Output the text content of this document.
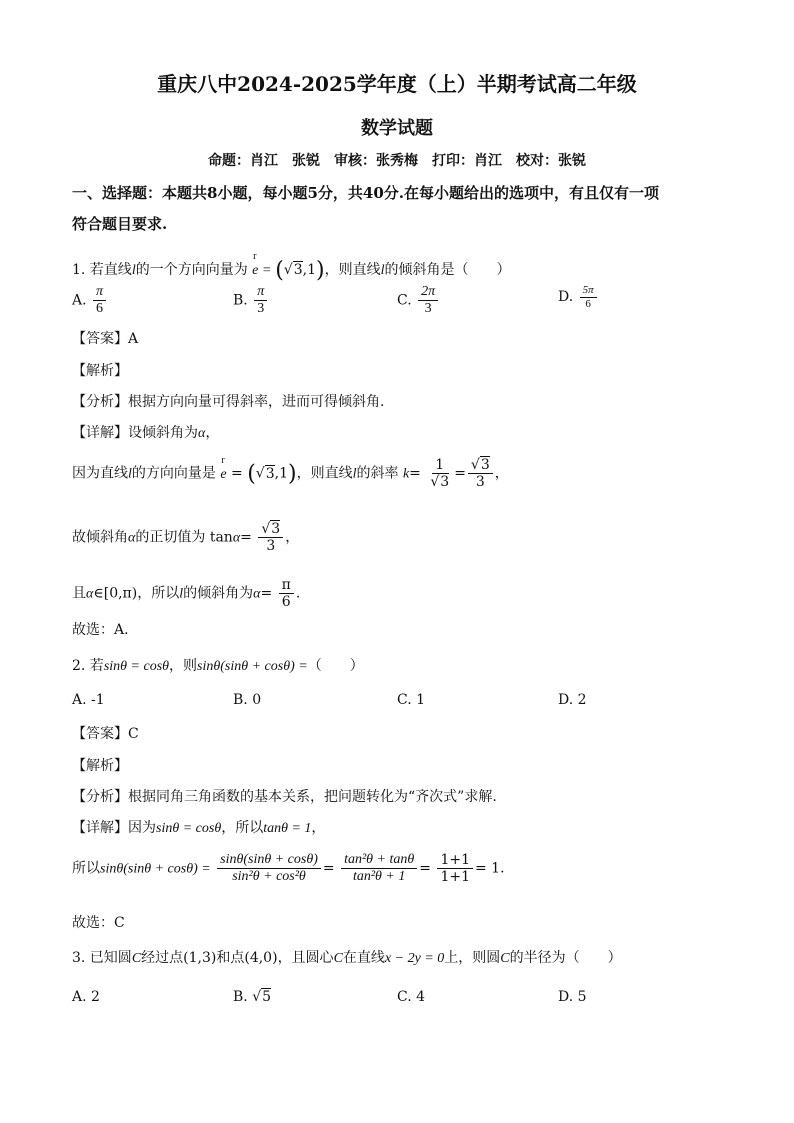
重庆八中2024-2025学年度（上）半期考试高二年级
数学试题
命题：肖江　张锐　审核：张秀梅　打印：肖江　校对：张锐
一、选择题：本题共8小题，每小题5分，共40分.在每小题给出的选项中，有且仅有一项
符合题目要求.
1. 若直线l的一个方向向量为
r
e = (√3,1)，则直线l的倾斜角是（　　）
A. $\frac{\pi}{6}$	B. $\frac{\pi}{3}$	C. $\frac{2\pi}{3}$	D. $\frac{5\pi}{6}$
【答案】A
【解析】
【分析】根据方向向量可得斜率，进而可得倾斜角.
【详解】设倾斜角为α，
因为直线l的方向向量是
r
e = (√3,1)，则直线l的斜率 $k= \frac{1}{√3} = \frac{√3}{3}$ ，
故倾斜角α的正切值为 $\tan\alpha= \frac{√3}{3}$ ，
且α∈[0,π)，所以l的倾斜角为$\alpha= \frac{\pi}{6}$ .
故选：A.
2. 若sinθ = cosθ，则sinθ(sinθ + cosθ) =（　　）
A. -1	B. 0	C. 1	D. 2
【答案】C
【解析】
【分析】根据同角三角函数的基本关系，把问题转化为“齐次式”求解.
【详解】因为sinθ = cosθ，所以tanθ = 1，
所以$\sin\theta(\sin\theta + \cos\theta) = \frac{\sin\theta(\sin\theta + \cos\theta)}{\text{sin²θ + cos²θ}} = \frac{\text{tan²θ + tanθ}}{\text{tan²θ + 1}} = \frac{1+1}{1+1} = 1$.
故选：C
3. 已知圆C经过点(1,3)和点(4,0)，且圆心C在直线x − 2y = 0上，则圆C的半径为（　　）
A. 2	B. √5	C. 4	D. 5
